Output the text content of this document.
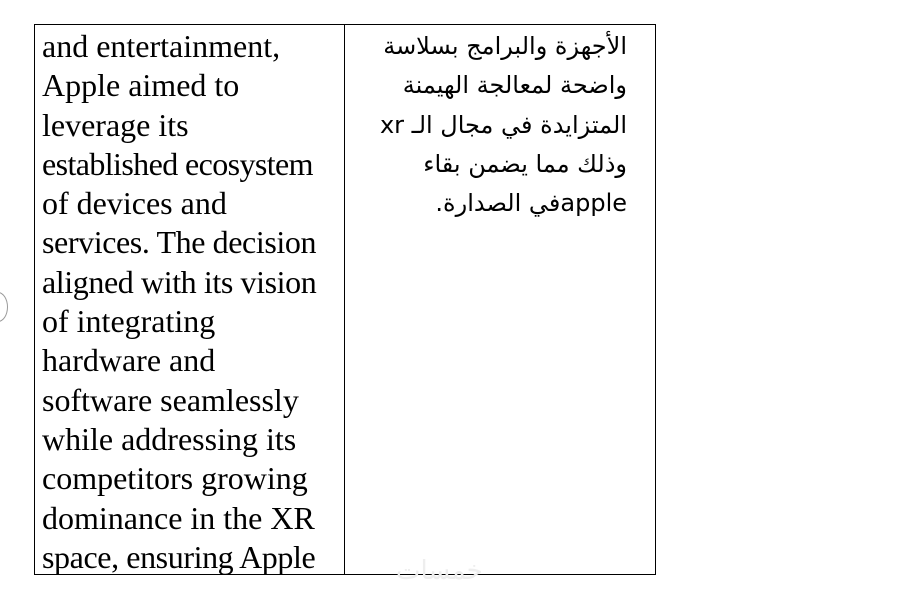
and entertainment,
Apple aimed to
leverage its
established ecosystem
of devices and
services. The decision
aligned with its vision
of integrating
hardware and
software seamlessly
while addressing its
competitors growing
dominance in the XR
space, ensuring Apple
الأجهزة والبرامج بسلاسة
واضحة لمعالجة الهيمنة
المتزايدة في مجال الـ xr
وذلك مما يضمن بقاء
appleفي الصدارة.
خمسات
